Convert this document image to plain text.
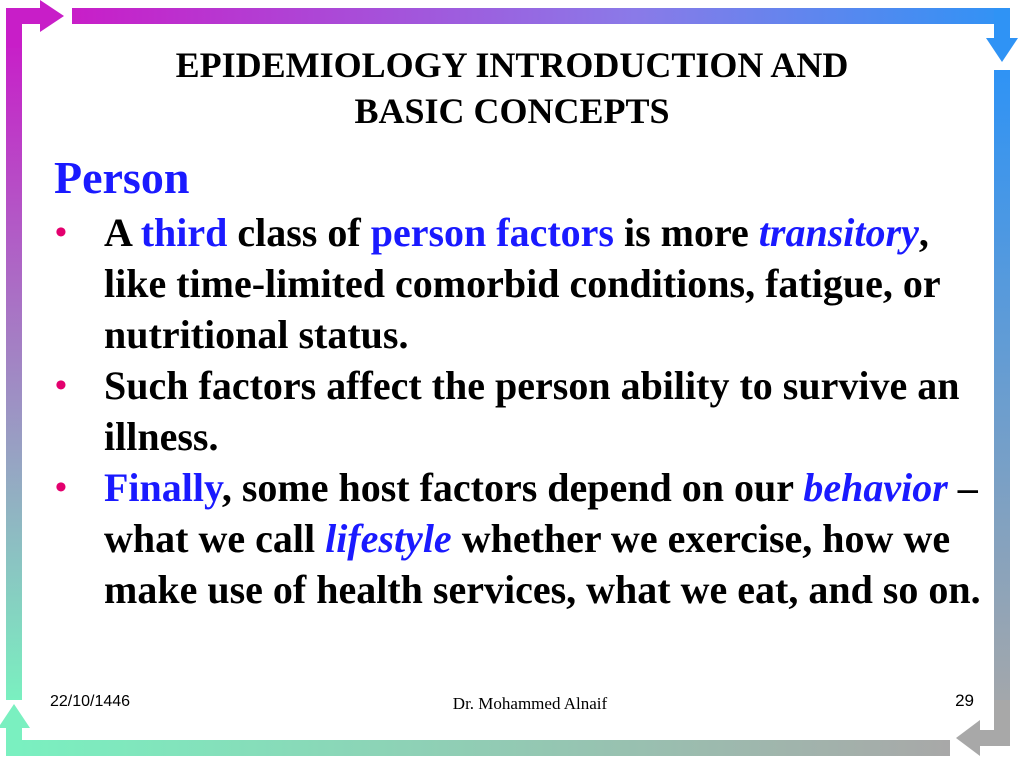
EPIDEMIOLOGY INTRODUCTION AND
BASIC CONCEPTS
Person
• A third class of person factors is more transitory, like time-limited comorbid conditions, fatigue, or nutritional status.
• Such factors affect the person ability to survive an illness.
• Finally, some host factors depend on our behavior – what we call lifestyle whether we exercise, how we make use of health services, what we eat, and so on.
22/10/1446	Dr. Mohammed Alnaif	29
